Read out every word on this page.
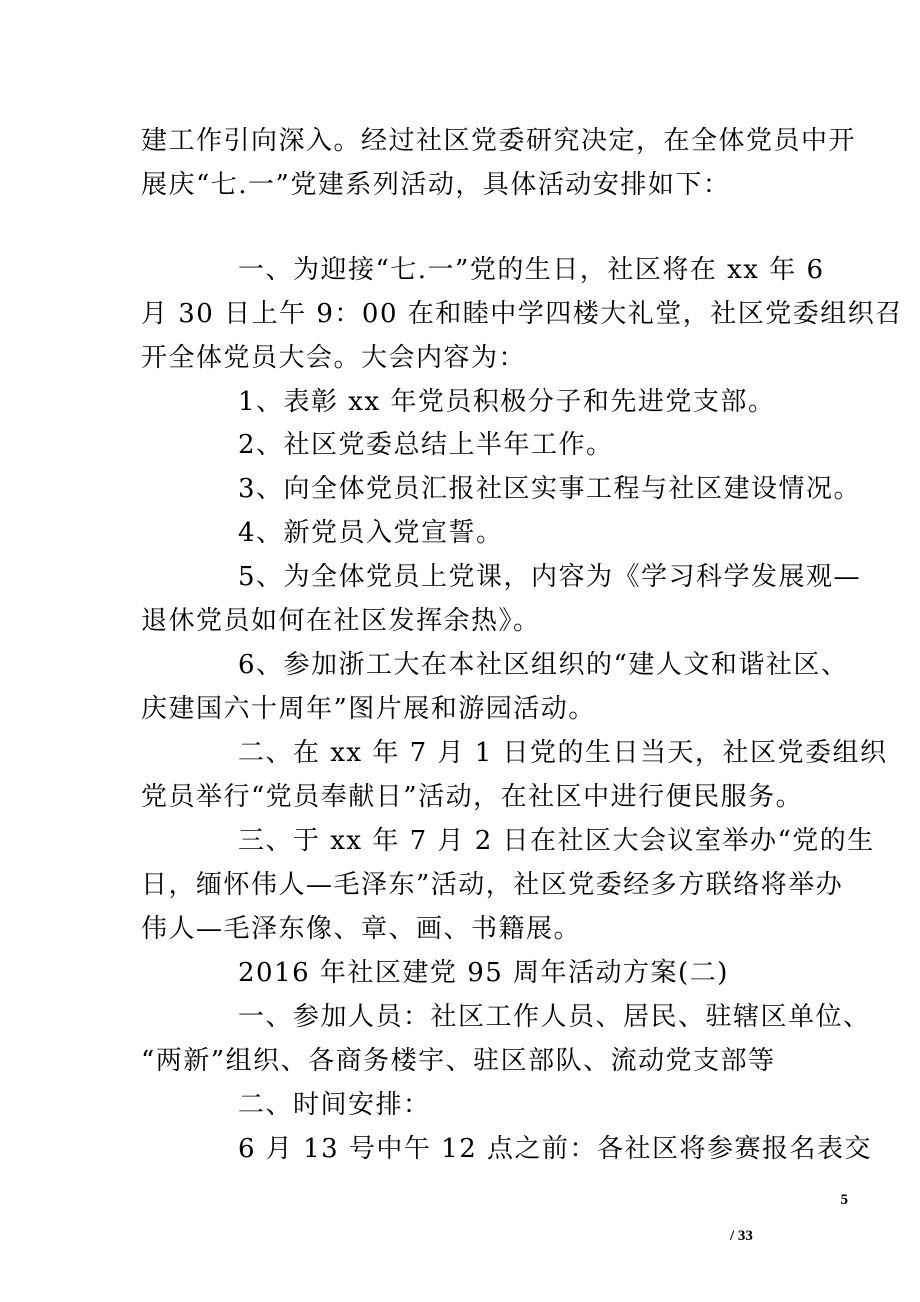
建工作引向深入。经过社区党委研究决定，在全体党员中开
展庆“七.一”党建系列活动，具体活动安排如下：
一、为迎接“七.一”党的生日，社区将在 xx 年 6
月 30 日上午 9：00 在和睦中学四楼大礼堂，社区党委组织召
开全体党员大会。大会内容为：
1、表彰 xx 年党员积极分子和先进党支部。
2、社区党委总结上半年工作。
3、向全体党员汇报社区实事工程与社区建设情况。
4、新党员入党宣誓。
5、为全体党员上党课，内容为《学习科学发展观—
退休党员如何在社区发挥余热》。
6、参加浙工大在本社区组织的“建人文和谐社区、
庆建国六十周年”图片展和游园活动。
二、在 xx 年 7 月 1 日党的生日当天，社区党委组织
党员举行“党员奉献日”活动，在社区中进行便民服务。
三、于 xx 年 7 月 2 日在社区大会议室举办“党的生
日，缅怀伟人—毛泽东”活动，社区党委经多方联络将举办
伟人—毛泽东像、章、画、书籍展。
2016 年社区建党 95 周年活动方案(二)
一、参加人员：社区工作人员、居民、驻辖区单位、
“两新”组织、各商务楼宇、驻区部队、流动党支部等
二、时间安排：
6 月 13 号中午 12 点之前：各社区将参赛报名表交
5
/ 33
